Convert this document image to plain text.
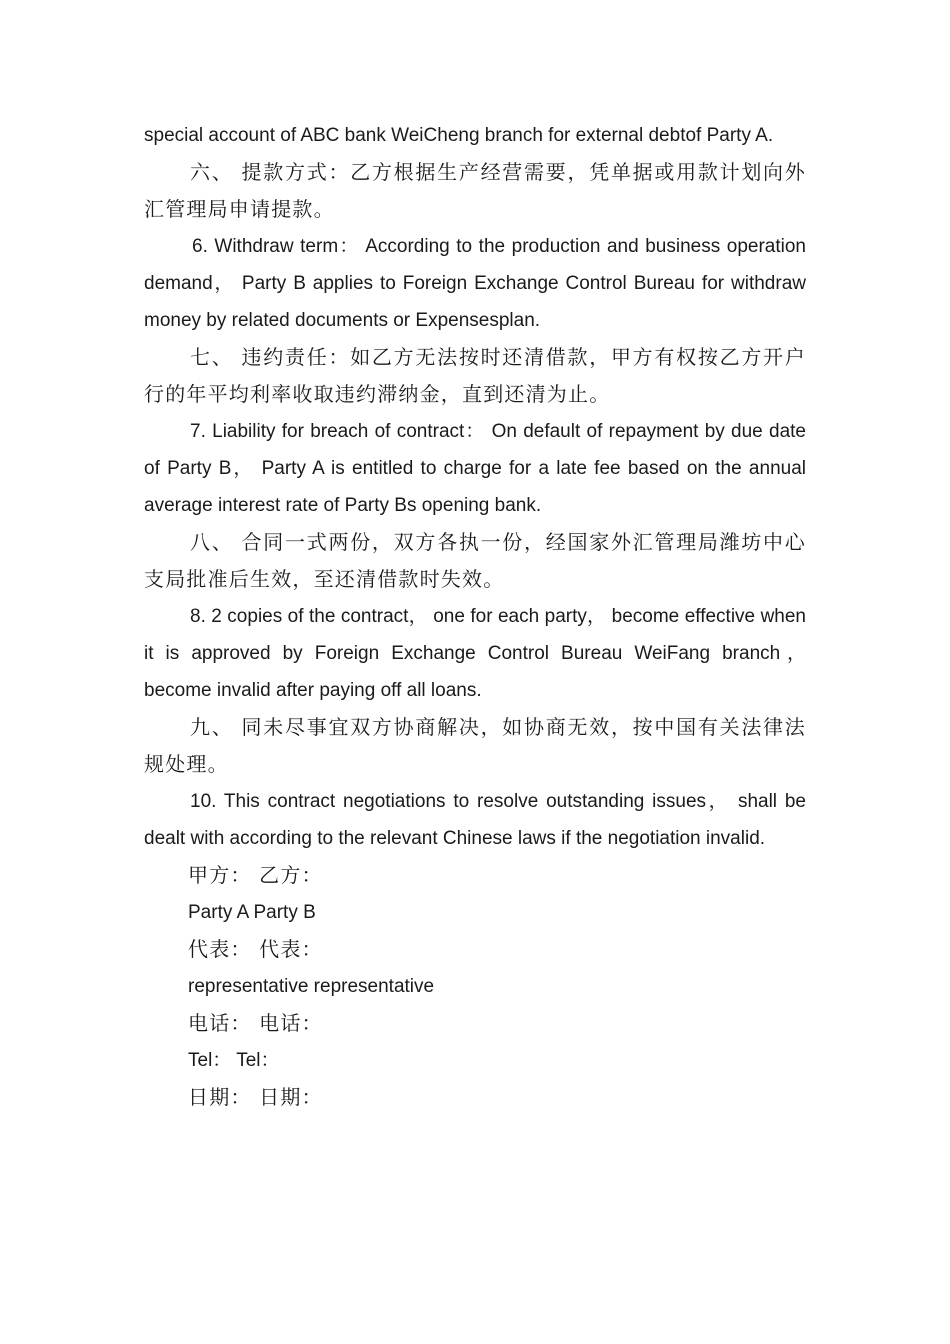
special account of ABC bank WeiCheng branch for external debtof Party A.

六、 提款方式：乙方根据生产经营需要，凭单据或用款计划向外汇管理局申请提款。

6. Withdraw term： According to the production and business operation demand， Party B applies to Foreign Exchange Control Bureau for withdraw money by related documents or Expensesplan.

七、 违约责任：如乙方无法按时还清借款，甲方有权按乙方开户行的年平均利率收取违约滞纳金，直到还清为止。

7. Liability for breach of contract： On default of repayment by due date of Party B， Party A is entitled to charge for a late fee based on the annual average interest rate of Party Bs opening bank.

八、 合同一式两份，双方各执一份，经国家外汇管理局潍坊中心支局批准后生效，至还清借款时失效。

8. 2 copies of the contract， one for each party， become effective when it is approved by Foreign Exchange Control Bureau WeiFang branch， become invalid after paying off all loans.

九、 同未尽事宜双方协商解决，如协商无效，按中国有关法律法规处理。

10. This contract negotiations to resolve outstanding issues， shall be dealt with according to the relevant Chinese laws if the negotiation invalid.

甲方： 乙方：

Party A Party B

代表： 代表：

representative representative

电话： 电话：

Tel： Tel：

日期： 日期：
